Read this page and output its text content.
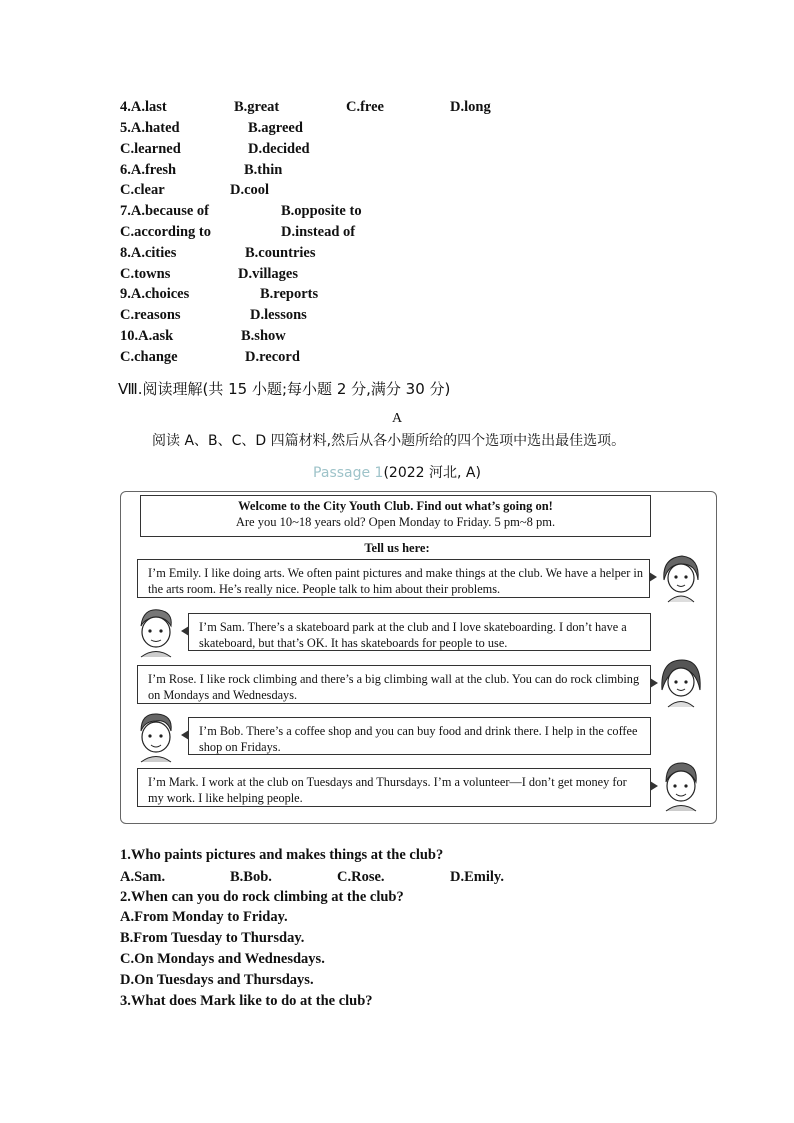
4.A.last	B.great	C.free	D.long
5.A.hated	B.agreed
C.learned	D.decided
6.A.fresh	B.thin
C.clear	D.cool
7.A.because of	B.opposite to
C.according to	D.instead of
8.A.cities	B.countries
C.towns	D.villages
9.A.choices	B.reports
C.reasons	D.lessons
10.A.ask	B.show
C.change	D.record
Ⅷ.阅读理解(共 15 小题;每小题 2 分,满分 30 分)
A
阅读 A、B、C、D 四篇材料,然后从各小题所给的四个选项中选出最佳选项。
Passage 1(2022 河北, A)
Welcome to the City Youth Club. Find out what’s going on!
Are you 10~18 years old? Open Monday to Friday. 5 pm~8 pm.
Tell us here:
I’m Emily. I like doing arts. We often paint pictures and make things at the club. We have a helper in the arts room. He’s really nice. People talk to him about their problems.
I’m Sam. There’s a skateboard park at the club and I love skateboarding. I don’t have a skateboard, but that’s OK. It has skateboards for people to use.
I’m Rose. I like rock climbing and there’s a big climbing wall at the club. You can do rock climbing on Mondays and Wednesdays.
I’m Bob. There’s a coffee shop and you can buy food and drink there. I help in the coffee shop on Fridays.
I’m Mark. I work at the club on Tuesdays and Thursdays. I’m a volunteer—I don’t get money for my work. I like helping people.
1.Who paints pictures and makes things at the club?
A.Sam.	B.Bob.	C.Rose.	D.Emily.
2.When can you do rock climbing at the club?
A.From Monday to Friday.
B.From Tuesday to Thursday.
C.On Mondays and Wednesdays.
D.On Tuesdays and Thursdays.
3.What does Mark like to do at the club?
